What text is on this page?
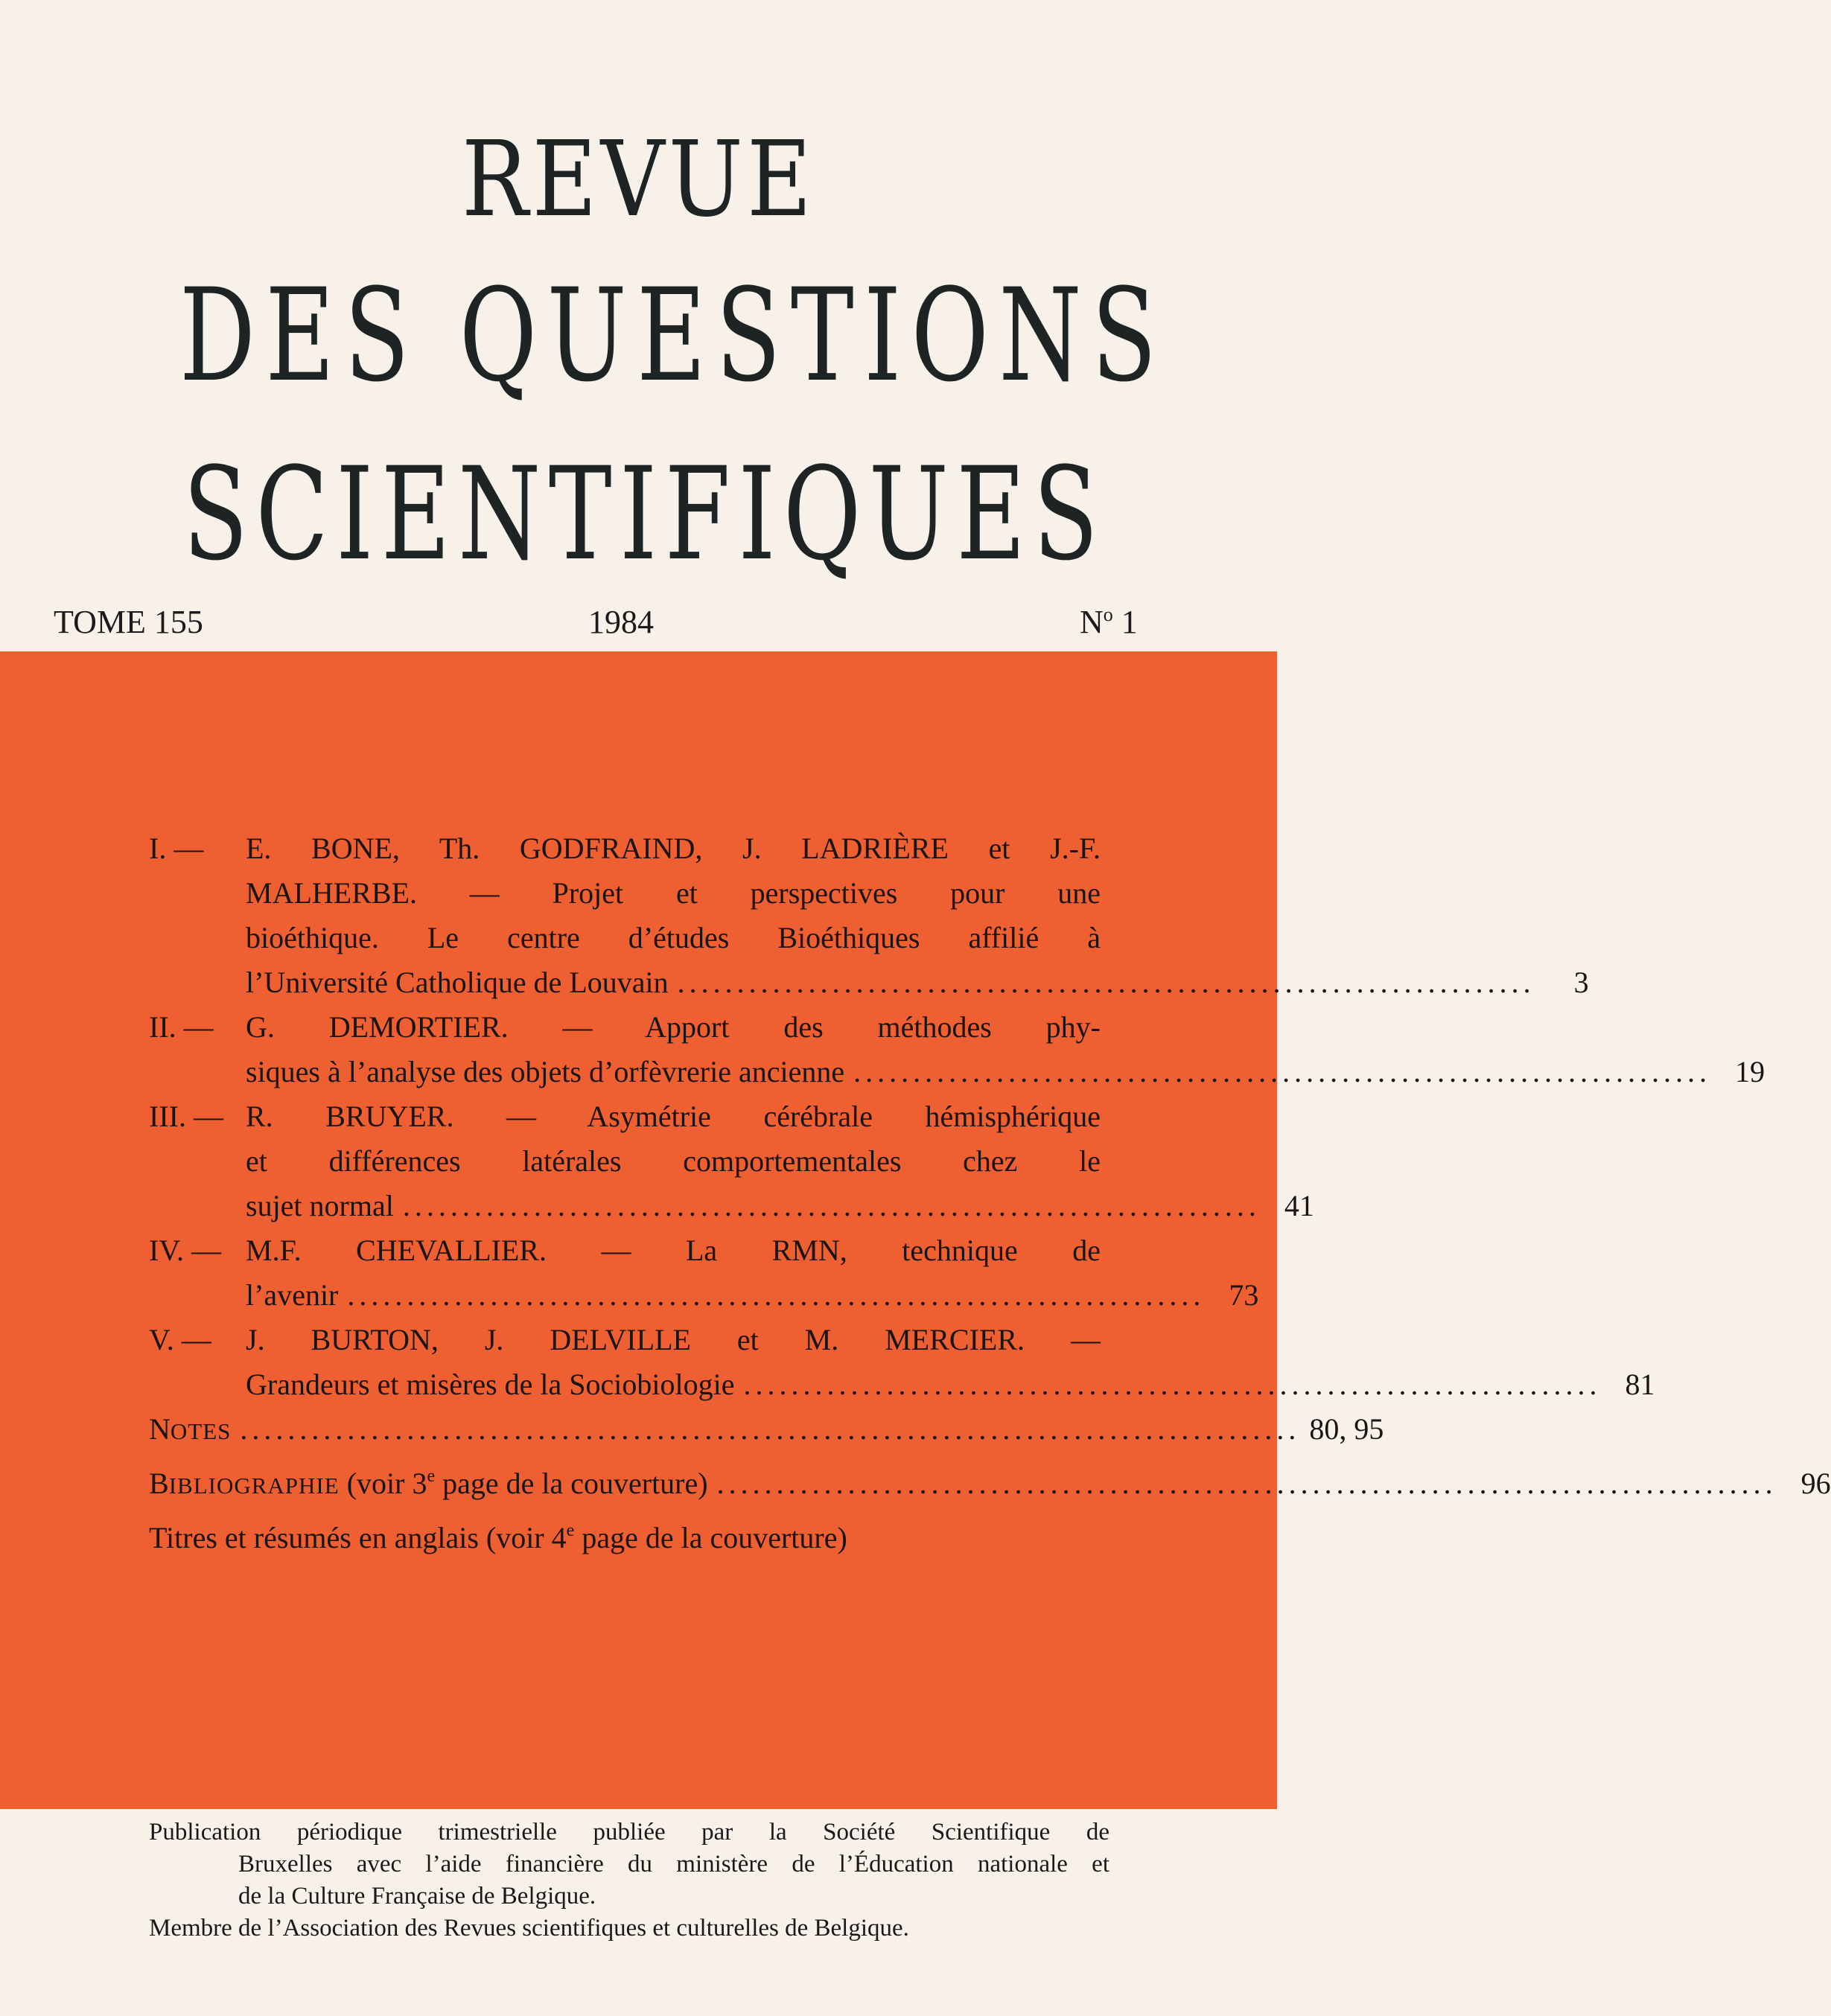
REVUE
DES QUESTIONS
SCIENTIFIQUES
TOME 155	1984	$N^o$ 1
I. —	E. BONE, Th. GODFRAIND, J. LADRIÈRE et J.-F.
MALHERBE. — Projet et perspectives pour une
bioéthique. Le centre d’études Bioéthiques affilié à
l’Université Catholique de Louvain ........................................................................	3
II. —	G. DEMORTIER. — Apport des méthodes phy-
siques à l’analyse des objets d’orfèvrerie ancienne ........................................................................ 19
III. — R. BRUYER. — Asymétrie cérébrale hémisphérique
et différences latérales comportementales chez le
sujet normal ........................................................................ 41
IV. — M.F. CHEVALLIER. — La RMN, technique de
l’avenir ........................................................................ 73
V. —	J. BURTON, J. DELVILLE et M. MERCIER. —
Grandeurs et misères de la Sociobiologie ........................................................................ 81
NOTES ......................................................................................... 80, 95
BIBLIOGRAPHIE (voir 3e page de la couverture) ......................................................................................... 96
Titres et résumés en anglais (voir 4e page de la couverture)
Publication périodique trimestrielle publiée par la Société Scientifique de
Bruxelles avec l’aide financière du ministère de l’Éducation nationale et
de la Culture Française de Belgique.
Membre de l’Association des Revues scientifiques et culturelles de Belgique.
